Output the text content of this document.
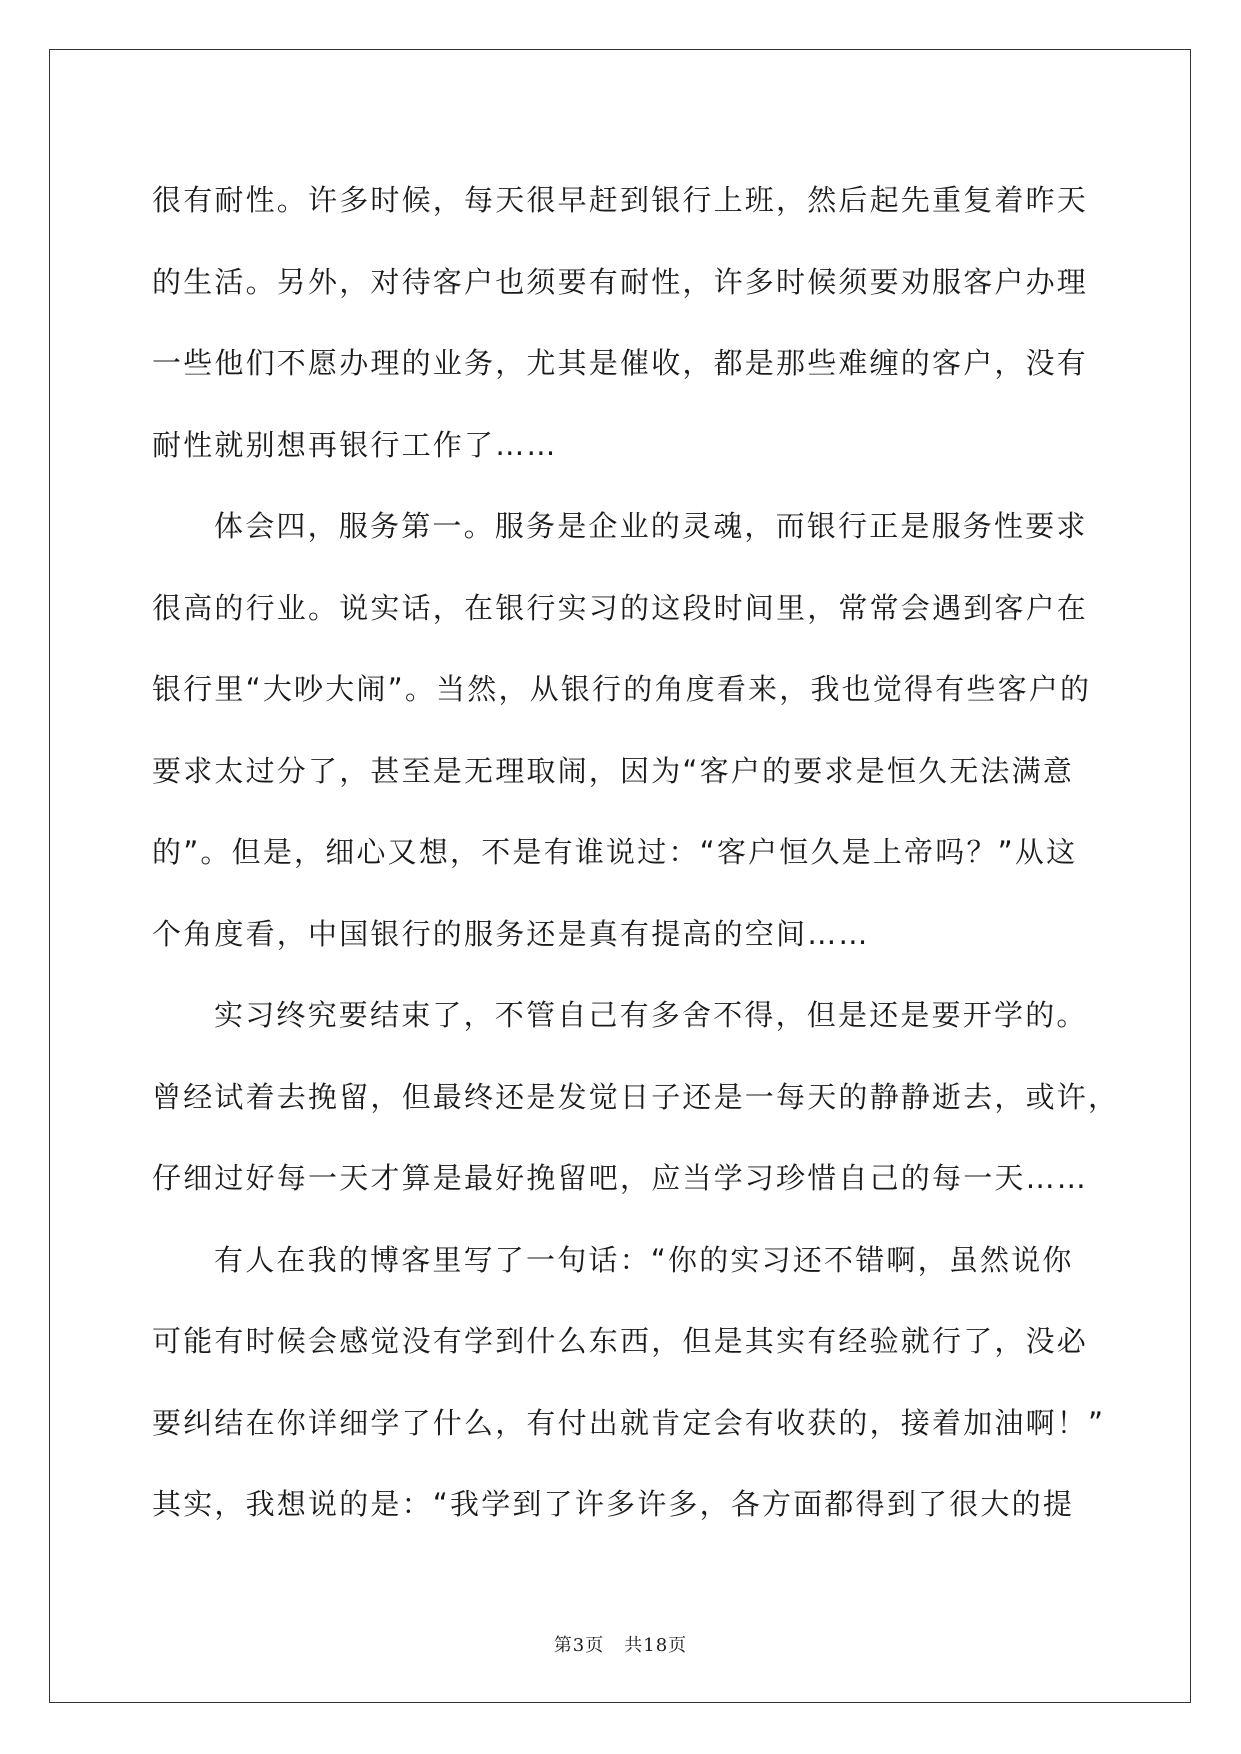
很有耐性。许多时候，每天很早赶到银行上班，然后起先重复着昨天
的生活。另外，对待客户也须要有耐性，许多时候须要劝服客户办理
一些他们不愿办理的业务，尤其是催收，都是那些难缠的客户，没有
耐性就别想再银行工作了……
体会四，服务第一。服务是企业的灵魂，而银行正是服务性要求
很高的行业。说实话，在银行实习的这段时间里，常常会遇到客户在
银行里“大吵大闹”。当然，从银行的角度看来，我也觉得有些客户的
要求太过分了，甚至是无理取闹，因为“客户的要求是恒久无法满意
的”。但是，细心又想，不是有谁说过：“客户恒久是上帝吗？”从这
个角度看，中国银行的服务还是真有提高的空间……
实习终究要结束了，不管自己有多舍不得，但是还是要开学的。
曾经试着去挽留，但最终还是发觉日子还是一每天的静静逝去，或许，
仔细过好每一天才算是最好挽留吧，应当学习珍惜自己的每一天……
有人在我的博客里写了一句话：“你的实习还不错啊，虽然说你
可能有时候会感觉没有学到什么东西，但是其实有经验就行了，没必
要纠结在你详细学了什么，有付出就肯定会有收获的，接着加油啊！”
其实，我想说的是：“我学到了许多许多，各方面都得到了很大的提
第3页 共18页
